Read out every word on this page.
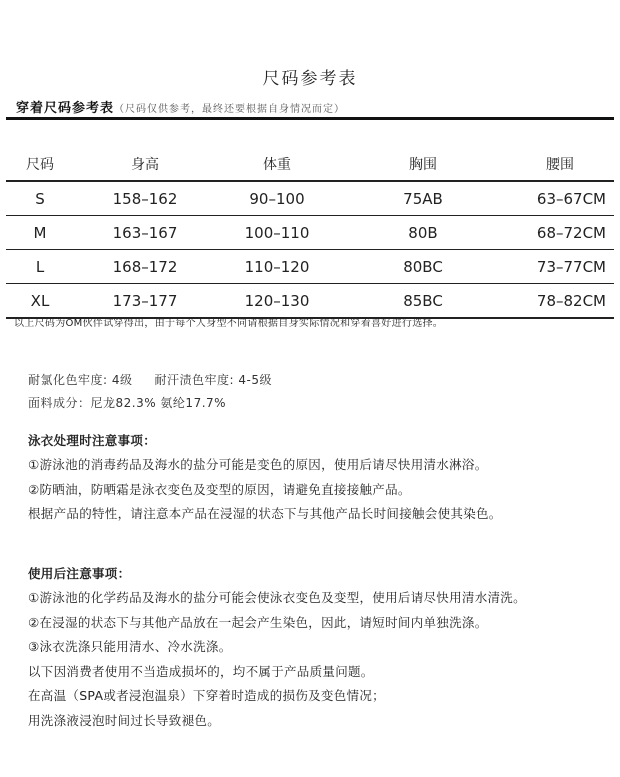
尺码参考表
穿着尺码参考表（尺码仅供参考，最终还要根据自身情况而定）
尺码	身高	体重	胸围	腰围
S	158–162	90–100	75AB	63–67CM
M	163–167	100–110	80B	68–72CM
L	168–172	110–120	80BC	73–77CM
XL	173–177	120–130	85BC	78–82CM
以上尺码为OM伙伴试穿得出，由于每个人身型不同请根据自身实际情况和穿着喜好进行选择。
耐氯化色牢度: 4级 耐汗渍色牢度: 4-5级
面料成分：尼龙82.3% 氨纶17.7%
泳衣处理时注意事项：
①游泳池的消毒药品及海水的盐分可能是变色的原因，使用后请尽快用清水淋浴。
②防晒油，防晒霜是泳衣变色及变型的原因，请避免直接接触产品。
根据产品的特性，请注意本产品在浸湿的状态下与其他产品长时间接触会使其染色。
使用后注意事项：
①游泳池的化学药品及海水的盐分可能会使泳衣变色及变型，使用后请尽快用清水清洗。
②在浸湿的状态下与其他产品放在一起会产生染色，因此，请短时间内单独洗涤。
③泳衣洗涤只能用清水、冷水洗涤。
以下因消费者使用不当造成损坏的，均不属于产品质量问题。
在高温（SPA或者浸泡温泉）下穿着时造成的损伤及变色情况；
用洗涤液浸泡时间过长导致褪色。
